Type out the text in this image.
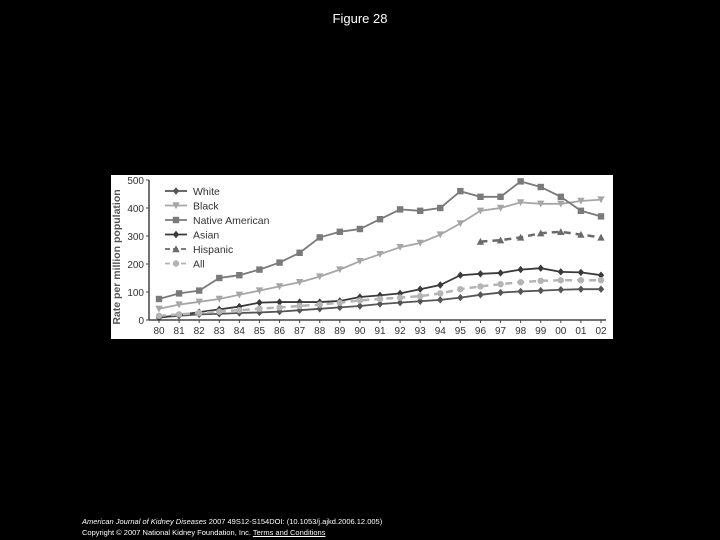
Figure 28
0
100
200
300
400
500
80 81 82 83 84 85 86 87 88 89 90 91 92 93 94 95 96 97 98 99 00 01 02
White
Black
Native American
Asian
Hispanic
All
Rate per million population
American Journal of Kidney Diseases 2007 49S12-S154DOI: (10.1053/j.ajkd.2006.12.005)
Copyright © 2007 National Kidney Foundation, Inc. Terms and Conditions
